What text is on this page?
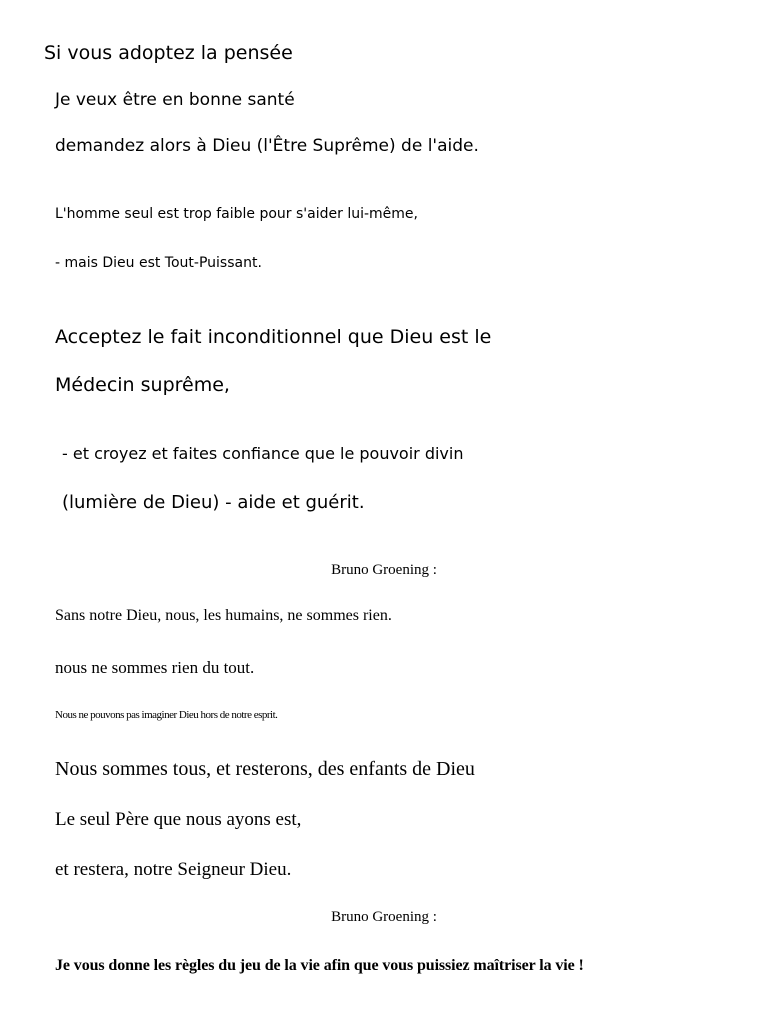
Si vous adoptez la pensée

Je veux être en bonne santé

demandez alors à Dieu (l'Être Suprême) de l'aide.

L'homme seul est trop faible pour s'aider lui-même,

- mais Dieu est Tout-Puissant.

Acceptez le fait inconditionnel que Dieu est le

Médecin suprême,

- et croyez et faites confiance que le pouvoir divin

(lumière de Dieu) - aide et guérit.

Bruno Groening :

Sans notre Dieu, nous, les humains, ne sommes rien.

nous ne sommes rien du tout.

Nous ne pouvons pas imaginer Dieu hors de notre esprit.

Nous sommes tous, et resterons, des enfants de Dieu

Le seul Père que nous ayons est,

et restera, notre Seigneur Dieu.

Bruno Groening :

Je vous donne les règles du jeu de la vie afin que vous puissiez maîtriser la vie !
